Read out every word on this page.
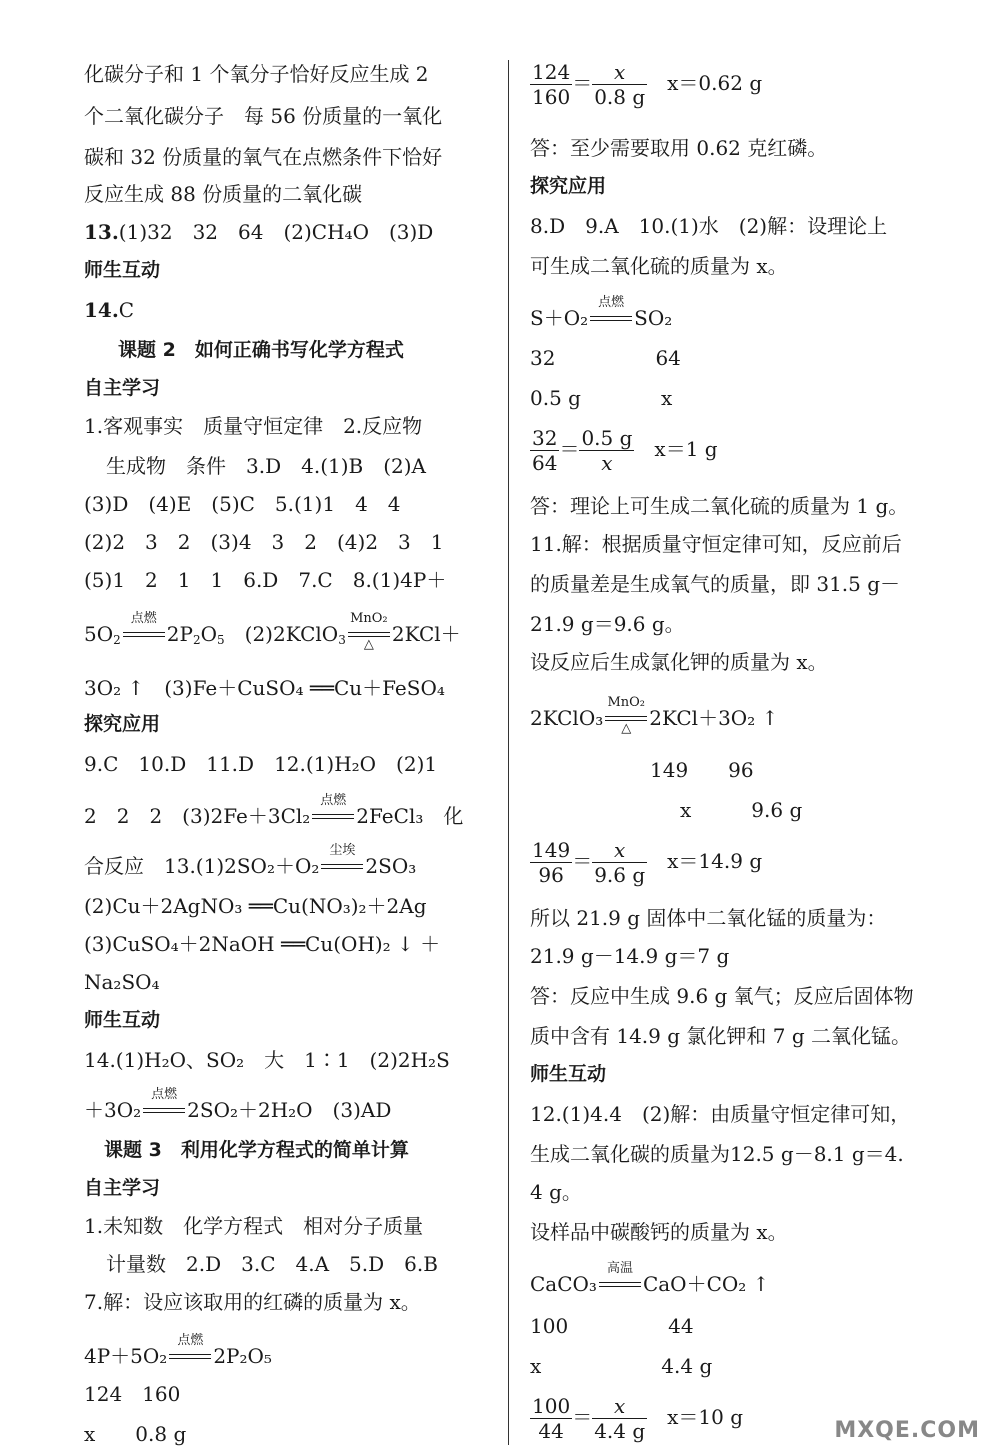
化碳分子和 1 个氧分子恰好反应生成 2
个二氧化碳分子　每 56 份质量的一氧化
碳和 32 份质量的氧气在点燃条件下恰好
反应生成 88 份质量的二氧化碳
13.(1)32　32　64　(2)CH₄O　(3)D
师生互动
14.C
课题 2　如何正确书写化学方程式
自主学习
1.客观事实　质量守恒定律　2.反应物
生成物　条件　3.D　4.(1)B　(2)A
(3)D　(4)E　(5)C　5.(1)1　4　4
(2)2　3　2　(3)4　3　2　(4)2　3　1
(5)1　2　1　1　6.D　7.C　8.(1)4P＋
$5O_2$
点燃
$2P_2O_5$　(2)2KClO$_3$
MnO₂
△ 2KCl＋
3O₂ ↑　(3)Fe＋CuSO₄ ══Cu＋FeSO₄
探究应用
9.C　10.D　11.D　12.(1)H₂O　(2)1
2　2　2　(3)2Fe＋3Cl₂
点燃
2FeCl₃　化
合反应　13.(1)2SO₂＋O₂
尘埃
2SO₃
(2)Cu＋2AgNO₃ ══Cu(NO₃)₂＋2Ag
(3)CuSO₄＋2NaOH ══Cu(OH)₂ ↓ ＋
Na₂SO₄
师生互动
14.(1)H₂O、SO₂　大　1∶1　(2)2H₂S
＋3O₂
点燃
2SO₂＋2H₂O　(3)AD
课题 3　利用化学方程式的简单计算
自主学习
1.未知数　化学方程式　相对分子质量
计量数　2.D　3.C　4.A　5.D　6.B
7.解：设应该取用的红磷的质量为 x。
4P＋5O₂
点燃
2P₂O₅
124　160
x　　0.8 g
$\frac{124}{160} = \frac{x}{0.8 g}$
　 x＝0.62 g
答：至少需要取用 0.62 克红磷。
探究应用
8.D　9.A　10.(1)水　(2)解：设理论上
可生成二氧化硫的质量为 x。
S＋O₂
点燃
SO₂
32　　　　　64
0.5 g　　　　x
$\frac{32}{64} = \frac{0.5 g}{x}$
　 x＝1 g
答：理论上可生成二氧化硫的质量为 1 g。
11.解：根据质量守恒定律可知，反应前后
的质量差是生成氧气的质量，即 31.5 g－
21.9 g＝9.6 g。
设反应后生成氯化钾的质量为 x。
2KClO₃
MnO₂
△ 2KCl＋3O₂ ↑
149　　96
x　　　9.6 g
$\frac{149}{96} = \frac{x}{9.6 g}$
　 x＝14.9 g
所以 21.9 g 固体中二氧化锰的质量为：
21.9 g－14.9 g＝7 g
答：反应中生成 9.6 g 氧气；反应后固体物
质中含有 14.9 g 氯化钾和 7 g 二氧化锰。
师生互动
12.(1)4.4　(2)解：由质量守恒定律可知，
生成二氧化碳的质量为12.5 g－8.1 g＝4.
4 g。
设样品中碳酸钙的质量为 x。
CaCO₃
高温
CaO＋CO₂ ↑
100　　　　　44
x　　　　　　4.4 g
$\frac{100}{44} = \frac{x}{4.4 g}$
　 x＝10 g
MXQE.COM
